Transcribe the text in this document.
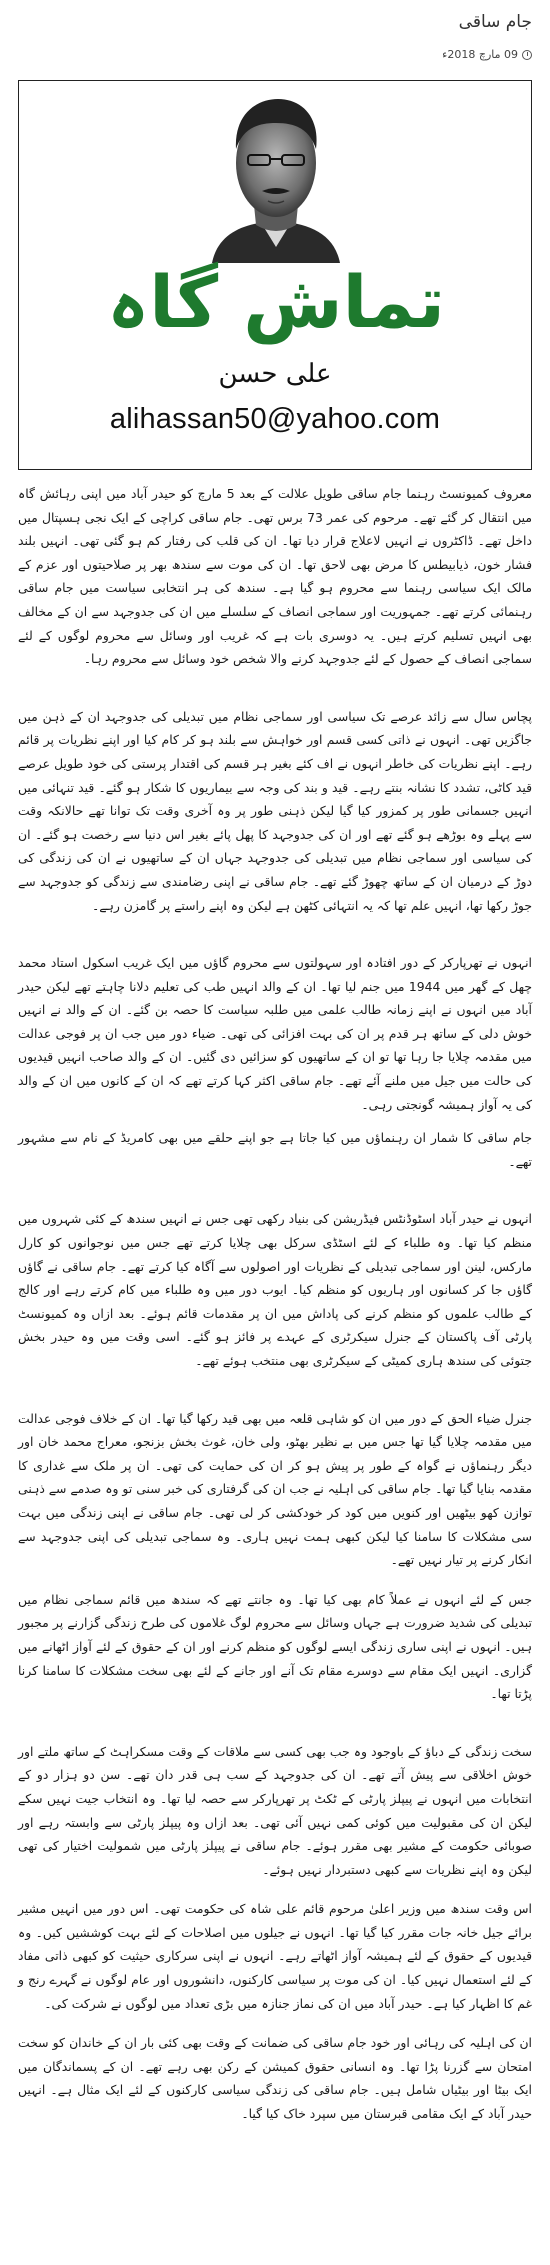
جام ساقی
09 مارچ 2018ء
تماش گاہ
علی حسن
alihassan50@yahoo.com

معروف کمیونسٹ رہنما جام ساقی طویل علالت کے بعد 5 مارچ کو حیدر آباد میں اپنی رہائش گاہ میں انتقال کر گئے تھے۔ مرحوم کی عمر 73 برس تھی۔ جام ساقی کراچی کے ایک نجی ہسپتال میں داخل تھے۔ ڈاکٹروں نے انہیں لاعلاج قرار دیا تھا۔ ان کی قلب کی رفتار کم ہو گئی تھی۔ انہیں بلند فشار خون، ذیابیطس کا مرض بھی لاحق تھا۔ ان کی موت سے سندھ بھر پر صلاحیتوں اور عزم کے مالک ایک سیاسی رہنما سے محروم ہو گیا ہے۔ سندھ کی ہر انتخابی سیاست میں جام ساقی رہنمائی کرتے تھے۔ جمہوریت اور سماجی انصاف کے سلسلے میں ان کی جدوجہد سے ان کے مخالف بھی انہیں تسلیم کرتے ہیں۔ یہ دوسری بات ہے کہ غریب اور وسائل سے محروم لوگوں کے لئے سماجی انصاف کے حصول کے لئے جدوجہد کرنے والا شخص خود وسائل سے محروم رہا۔

پچاس سال سے زائد عرصے تک سیاسی اور سماجی نظام میں تبدیلی کی جدوجہد ان کے ذہن میں جاگزیں تھی۔ انہوں نے ذاتی کسی قسم اور خواہش سے بلند ہو کر کام کیا اور اپنے نظریات پر قائم رہے۔ اپنے نظریات کی خاطر انہوں نے اف کئے بغیر ہر قسم کی اقتدار پرستی کی خود طویل عرصے قید کاٹی، تشدد کا نشانہ بنتے رہے۔ قید و بند کی وجہ سے بیماریوں کا شکار ہو گئے۔ قید تنہائی میں انہیں جسمانی طور پر کمزور کیا گیا لیکن ذہنی طور پر وہ آخری وقت تک توانا تھے حالانکہ وقت سے پہلے وہ بوڑھے ہو گئے تھے اور ان کی جدوجہد کا پھل پائے بغیر اس دنیا سے رخصت ہو گئے۔ ان کی سیاسی اور سماجی نظام میں تبدیلی کی جدوجہد جہاں ان کے ساتھیوں نے ان کی زندگی کی دوڑ کے درمیان ان کے ساتھ چھوڑ گئے تھے۔ جام ساقی نے اپنی رضامندی سے زندگی کو جدوجہد سے جوڑ رکھا تھا، انہیں علم تھا کہ یہ انتہائی کٹھن ہے لیکن وہ اپنے راستے پر گامزن رہے۔

انہوں نے تھرپارکر کے دور افتادہ اور سہولتوں سے محروم گاؤں میں ایک غریب اسکول استاد محمد چھل کے گھر میں 1944 میں جنم لیا تھا۔ ان کے والد انہیں طب کی تعلیم دلانا چاہتے تھے لیکن حیدر آباد میں انہوں نے اپنے زمانہ طالب علمی میں طلبہ سیاست کا حصہ بن گئے۔ ان کے والد نے انہیں خوش دلی کے ساتھ ہر قدم پر ان کی بہت افزائی کی تھی۔ ضیاء دور میں جب ان پر فوجی عدالت میں مقدمہ چلایا جا رہا تھا تو ان کے ساتھیوں کو سزائیں دی گئیں۔ ان کے والد صاحب انہیں قیدیوں کی حالت میں جیل میں ملنے آئے تھے۔ جام ساقی اکثر کہا کرتے تھے کہ ان کے کانوں میں ان کے والد کی یہ آواز ہمیشہ گونجتی رہی۔

جام ساقی کا شمار ان رہنماؤں میں کیا جاتا ہے جو اپنے حلقے میں بھی کامریڈ کے نام سے مشہور تھے۔

انہوں نے حیدر آباد اسٹوڈنٹس فیڈریشن کی بنیاد رکھی تھی جس نے انہیں سندھ کے کئی شہروں میں منظم کیا تھا۔ وہ طلباء کے لئے اسٹڈی سرکل بھی چلایا کرتے تھے جس میں نوجوانوں کو کارل مارکس، لینن اور سماجی تبدیلی کے نظریات اور اصولوں سے آگاہ کیا کرتے تھے۔ جام ساقی نے گاؤں گاؤں جا کر کسانوں اور ہاریوں کو منظم کیا۔ ایوب دور میں وہ طلباء میں کام کرتے رہے اور کالج کے طالب علموں کو منظم کرنے کی پاداش میں ان پر مقدمات قائم ہوئے۔ بعد ازاں وہ کمیونسٹ پارٹی آف پاکستان کے جنرل سیکرٹری کے عہدے پر فائز ہو گئے۔ اسی وقت میں وہ حیدر بخش جتوئی کی سندھ ہاری کمیٹی کے سیکرٹری بھی منتخب ہوئے تھے۔

جنرل ضیاء الحق کے دور میں ان کو شاہی قلعہ میں بھی قید رکھا گیا تھا۔ ان کے خلاف فوجی عدالت میں مقدمہ چلایا گیا تھا جس میں بے نظیر بھٹو، ولی خان، غوث بخش بزنجو، معراج محمد خان اور دیگر رہنماؤں نے گواہ کے طور پر پیش ہو کر ان کی حمایت کی تھی۔ ان پر ملک سے غداری کا مقدمہ بنایا گیا تھا۔ جام ساقی کی اہلیہ نے جب ان کی گرفتاری کی خبر سنی تو وہ صدمے سے ذہنی توازن کھو بیٹھیں اور کنویں میں کود کر خودکشی کر لی تھی۔ جام ساقی نے اپنی زندگی میں بہت سی مشکلات کا سامنا کیا لیکن کبھی ہمت نہیں ہاری۔ وہ سماجی تبدیلی کی اپنی جدوجہد سے انکار کرنے پر تیار نہیں تھے۔

جس کے لئے انہوں نے عملاً کام بھی کیا تھا۔ وہ جانتے تھے کہ سندھ میں قائم سماجی نظام میں تبدیلی کی شدید ضرورت ہے جہاں وسائل سے محروم لوگ غلاموں کی طرح زندگی گزارنے پر مجبور ہیں۔ انہوں نے اپنی ساری زندگی ایسے لوگوں کو منظم کرنے اور ان کے حقوق کے لئے آواز اٹھانے میں گزاری۔ انہیں ایک مقام سے دوسرے مقام تک آنے اور جانے کے لئے بھی سخت مشکلات کا سامنا کرنا پڑتا تھا۔

سخت زندگی کے دباؤ کے باوجود وہ جب بھی کسی سے ملاقات کے وقت مسکراہٹ کے ساتھ ملتے اور خوش اخلاقی سے پیش آتے تھے۔ ان کی جدوجہد کے سب ہی قدر دان تھے۔ سن دو ہزار دو کے انتخابات میں انہوں نے پیپلز پارٹی کے ٹکٹ پر تھرپارکر سے حصہ لیا تھا۔ وہ انتخاب جیت نہیں سکے لیکن ان کی مقبولیت میں کوئی کمی نہیں آئی تھی۔ بعد ازاں وہ پیپلز پارٹی سے وابستہ رہے اور صوبائی حکومت کے مشیر بھی مقرر ہوئے۔ جام ساقی نے پیپلز پارٹی میں شمولیت اختیار کی تھی لیکن وہ اپنے نظریات سے کبھی دستبردار نہیں ہوئے۔

اس وقت سندھ میں وزیر اعلیٰ مرحوم قائم علی شاہ کی حکومت تھی۔ اس دور میں انہیں مشیر برائے جیل خانہ جات مقرر کیا گیا تھا۔ انہوں نے جیلوں میں اصلاحات کے لئے بہت کوششیں کیں۔ وہ قیدیوں کے حقوق کے لئے ہمیشہ آواز اٹھاتے رہے۔ انہوں نے اپنی سرکاری حیثیت کو کبھی ذاتی مفاد کے لئے استعمال نہیں کیا۔ ان کی موت پر سیاسی کارکنوں، دانشوروں اور عام لوگوں نے گہرے رنج و غم کا اظہار کیا ہے۔ حیدر آباد میں ان کی نماز جنازہ میں بڑی تعداد میں لوگوں نے شرکت کی۔

ان کی اہلیہ کی رہائی اور خود جام ساقی کی ضمانت کے وقت بھی کئی بار ان کے خاندان کو سخت امتحان سے گزرنا پڑا تھا۔ وہ انسانی حقوق کمیشن کے رکن بھی رہے تھے۔ ان کے پسماندگان میں ایک بیٹا اور بیٹیاں شامل ہیں۔ جام ساقی کی زندگی سیاسی کارکنوں کے لئے ایک مثال ہے۔ انہیں حیدر آباد کے ایک مقامی قبرستان میں سپرد خاک کیا گیا۔
